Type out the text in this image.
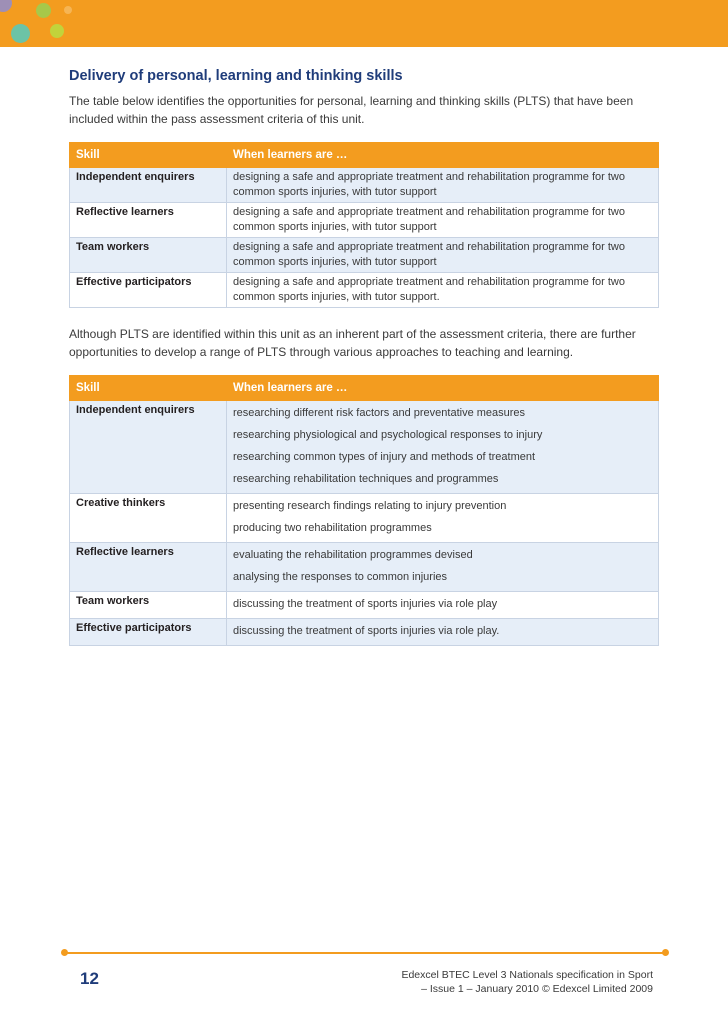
Delivery of personal, learning and thinking skills

The table below identifies the opportunities for personal, learning and thinking skills (PLTS) that have been included within the pass assessment criteria of this unit.

Skill	When learners are …
Independent enquirers	designing a safe and appropriate treatment and rehabilitation programme for two
common sports injuries, with tutor support

Reflective learners	designing a safe and appropriate treatment and rehabilitation programme for two
common sports injuries, with tutor support

Team workers	designing a safe and appropriate treatment and rehabilitation programme for two
common sports injuries, with tutor support

Effective participators	designing a safe and appropriate treatment and rehabilitation programme for two
common sports injuries, with tutor support.

Although PLTS are identified within this unit as an inherent part of the assessment criteria, there are further opportunities to develop a range of PLTS through various approaches to teaching and learning.

Skill	When learners are …
Independent enquirers	researching different risk factors and preventative measures
researching physiological and psychological responses to injury
researching common types of injury and methods of treatment
researching rehabilitation techniques and programmes

Creative thinkers	presenting research findings relating to injury prevention
producing two rehabilitation programmes

Reflective learners	evaluating the rehabilitation programmes devised
analysing the responses to common injuries

Team workers	discussing the treatment of sports injuries via role play

Effective participators	discussing the treatment of sports injuries via role play.
12	Edexcel BTEC Level 3 Nationals specification in Sport
– Issue 1 – January 2010 © Edexcel Limited 2009
